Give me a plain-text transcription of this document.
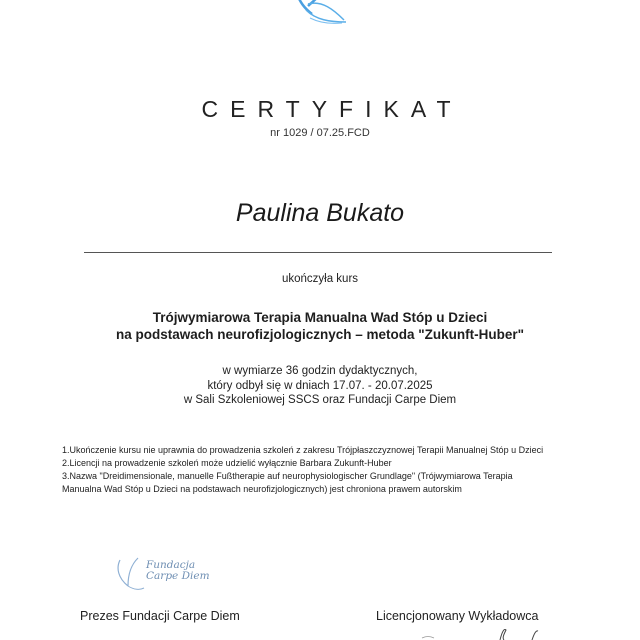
CERTYFIKAT
nr 1029 / 07.25.FCD
Paulina Bukato
ukończyła kurs
Trójwymiarowa Terapia Manualna Wad Stóp u Dzieci
na podstawach neurofizjologicznych – metoda "Zukunft-Huber"
w wymiarze 36 godzin dydaktycznych,
który odbył się w dniach 17.07. - 20.07.2025
w Sali Szkoleniowej SSCS oraz Fundacji Carpe Diem
1.Ukończenie kursu nie uprawnia do prowadzenia szkoleń z zakresu Trójpłaszczyznowej Terapii Manualnej Stóp u Dzieci
2.Licencji na prowadzenie szkoleń może udzielić wyłącznie Barbara Zukunft-Huber
3.Nazwa "Dreidimensionale, manuelle Fußtherapie auf neurophysiologischer Grundlage" (Trójwymiarowa Terapia
Manualna Wad Stóp u Dzieci na podstawach neurofizjologicznych) jest chroniona prawem autorskim
Fundacja
Carpe Diem
Prezes Fundacji Carpe Diem	Licencjonowany Wykładowca
